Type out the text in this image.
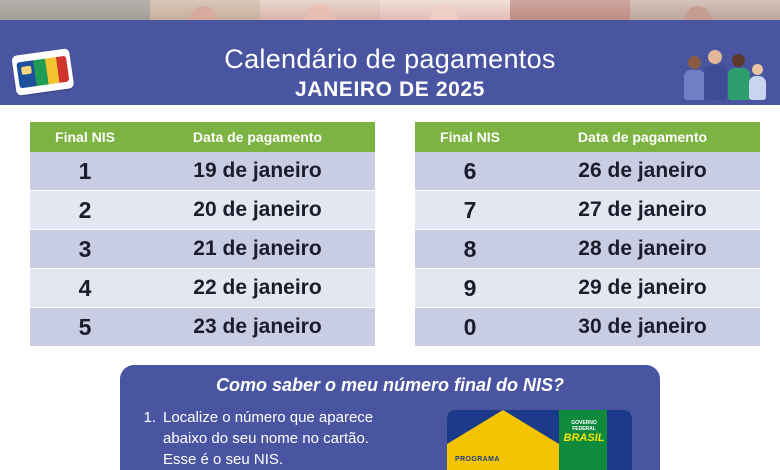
Calendário de pagamentos
JANEIRO DE 2025
Final NIS	Data de pagamento
1	19 de janeiro
2	20 de janeiro
3	21 de janeiro
4	22 de janeiro
5	23 de janeiro
Final NIS	Data de pagamento
6	26 de janeiro
7	27 de janeiro
8	28 de janeiro
9	29 de janeiro
0	30 de janeiro
Como saber o meu número final do NIS?
1. Localize o número que aparece
abaixo do seu nome no cartão.
Esse é o seu NIS.	PROGRAMA
GOVERNO FEDERAL
BRASIL
